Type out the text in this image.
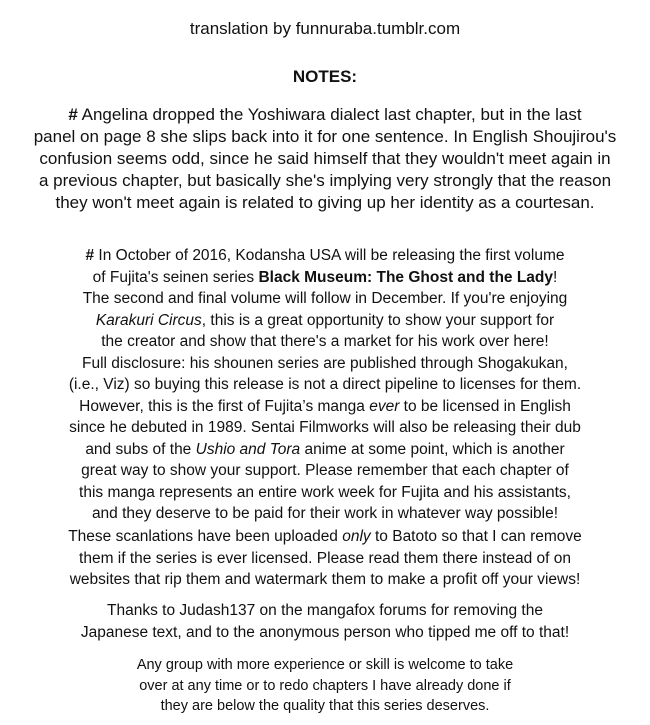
translation by funnuraba.tumblr.com
NOTES:
# Angelina dropped the Yoshiwara dialect last chapter, but in the last
panel on page 8 she slips back into it for one sentence. In English Shoujirou's
confusion seems odd, since he said himself that they wouldn't meet again in
a previous chapter, but basically she's implying very strongly that the reason
they won't meet again is related to giving up her identity as a courtesan.
# In October of 2016, Kodansha USA will be releasing the first volume
of Fujita's seinen series Black Museum: The Ghost and the Lady!
The second and final volume will follow in December. If you're enjoying
Karakuri Circus, this is a great opportunity to show your support for
the creator and show that there's a market for his work over here!
Full disclosure: his shounen series are published through Shogakukan,
(i.e., Viz) so buying this release is not a direct pipeline to licenses for them.
However, this is the first of Fujita’s manga ever to be licensed in English
since he debuted in 1989. Sentai Filmworks will also be releasing their dub
and subs of the Ushio and Tora anime at some point, which is another
great way to show your support. Please remember that each chapter of
this manga represents an entire work week for Fujita and his assistants,
and they deserve to be paid for their work in whatever way possible!
These scanlations have been uploaded only to Batoto so that I can remove
them if the series is ever licensed. Please read them there instead of on
websites that rip them and watermark them to make a profit off your views!
Thanks to Judash137 on the mangafox forums for removing the
Japanese text, and to the anonymous person who tipped me off to that!
Any group with more experience or skill is welcome to take
over at any time or to redo chapters I have already done if
they are below the quality that this series deserves.
